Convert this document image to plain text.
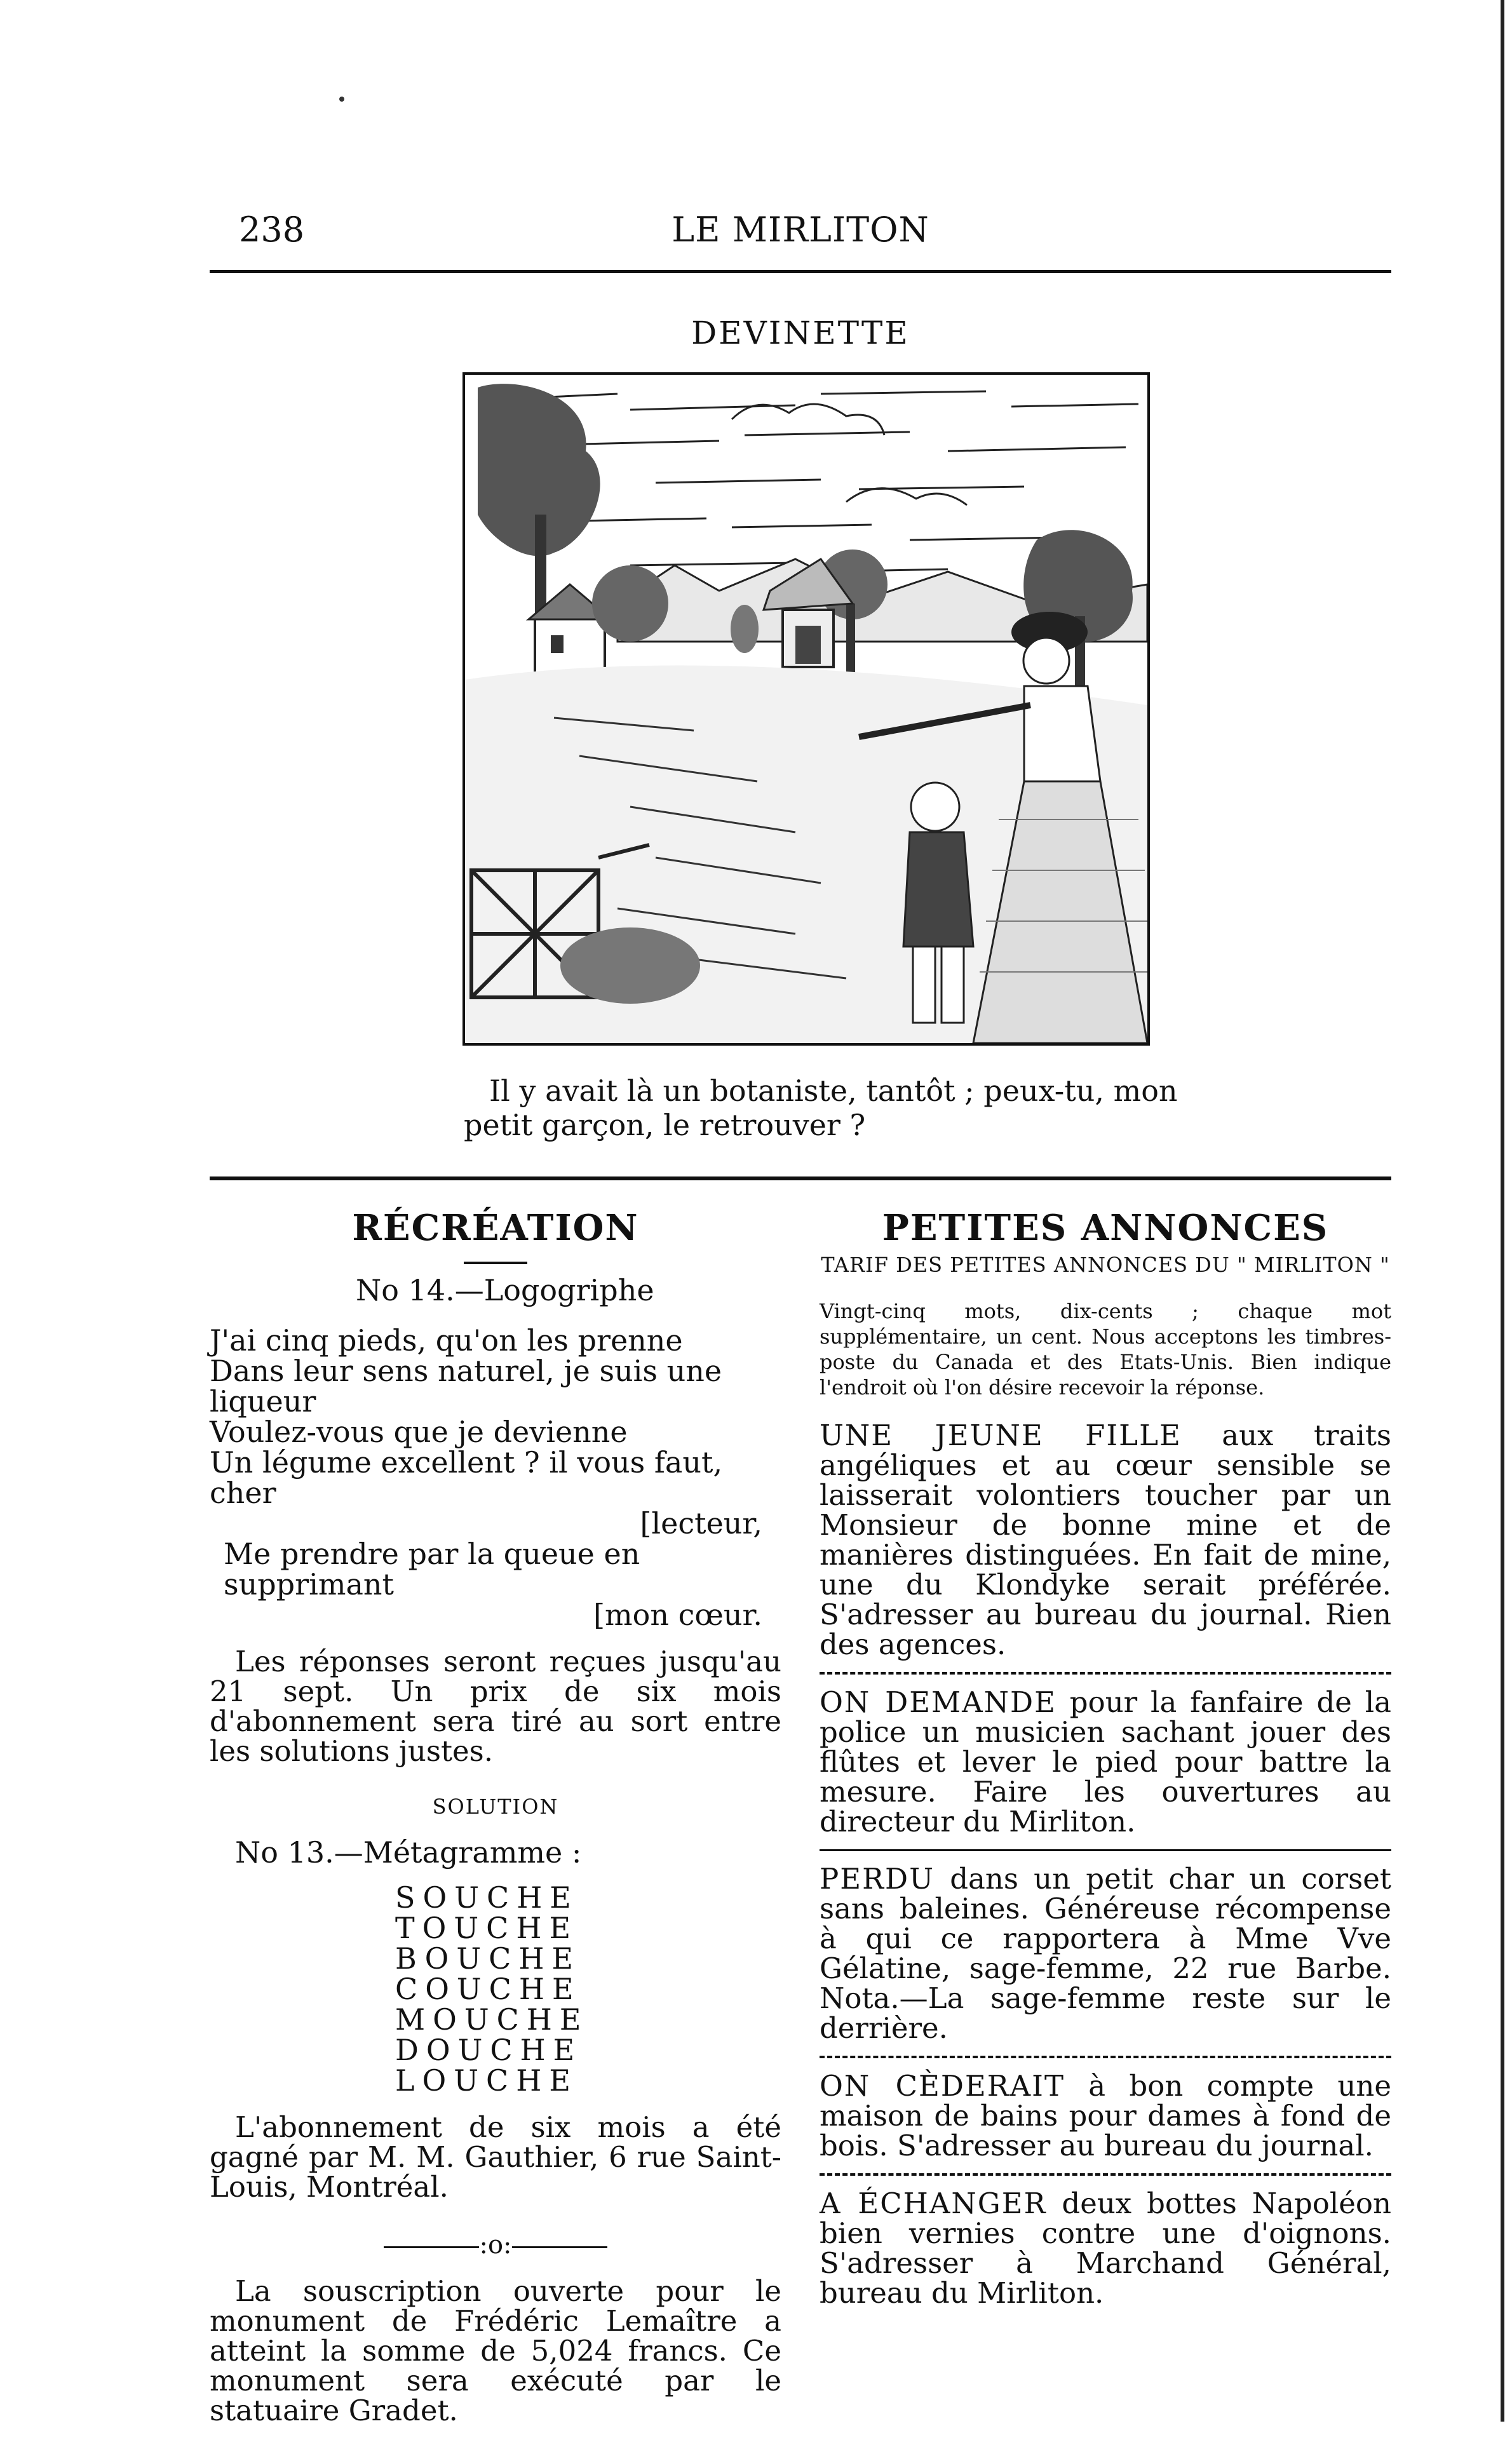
238	LE MIRLITON
DEVINETTE
Il y avait là un botaniste, tantôt ; peux-tu, mon
petit garçon, le retrouver ?
RÉCRÉATION
No 14.—Logogriphe
J'ai cinq pieds, qu'on les prenne
Dans leur sens naturel, je suis une liqueur
Voulez-vous que je devienne
Un légume excellent ? il vous faut, cher
[lecteur,
Me prendre par la queue en supprimant
[mon cœur.

Les réponses seront reçues jusqu'au 21 sept. Un prix de six mois d'abonnement sera tiré au sort entre les solutions justes.

SOLUTION
No 13.—Métagramme :
SOUCHE
TOUCHE
BOUCHE
COUCHE
MOUCHE
DOUCHE
LOUCHE

L'abonnement de six mois a été gagné par M. M. Gauthier, 6 rue Saint-Louis, Montréal.

:o:

La souscription ouverte pour le monument de Frédéric Lemaître a atteint la somme de 5,024 francs. Ce monument sera exécuté par le statuaire Gradet.

PETITES ANNONCES
TARIF DES PETITES ANNONCES DU " MIRLITON "

Vingt-cinq mots, dix-cents ; chaque mot supplémentaire, un cent. Nous acceptons les timbres-poste du Canada et des Etats-Unis. Bien indique l'endroit où l'on désire recevoir la réponse.

UNE JEUNE FILLE aux traits angéliques et au cœur sensible se laisserait volontiers toucher par un Monsieur de bonne mine et de manières distinguées. En fait de mine, une du Klondyke serait préférée. S'adresser au bureau du journal. Rien des agences.
ON DEMANDE pour la fanfaire de la police un musicien sachant jouer des flûtes et lever le pied pour battre la mesure. Faire les ouvertures au directeur du Mirliton.
PERDU dans un petit char un corset sans baleines. Généreuse récompense à qui ce rapportera à Mme Vve Gélatine, sage-femme, 22 rue Barbe. Nota.—La sage-femme reste sur le derrière.
ON CÈDERAIT à bon compte une maison de bains pour dames à fond de bois. S'adresser au bureau du journal.
A ÉCHANGER deux bottes Napoléon bien vernies contre une d'oignons. S'adresser à Marchand Général, bureau du Mirliton.
